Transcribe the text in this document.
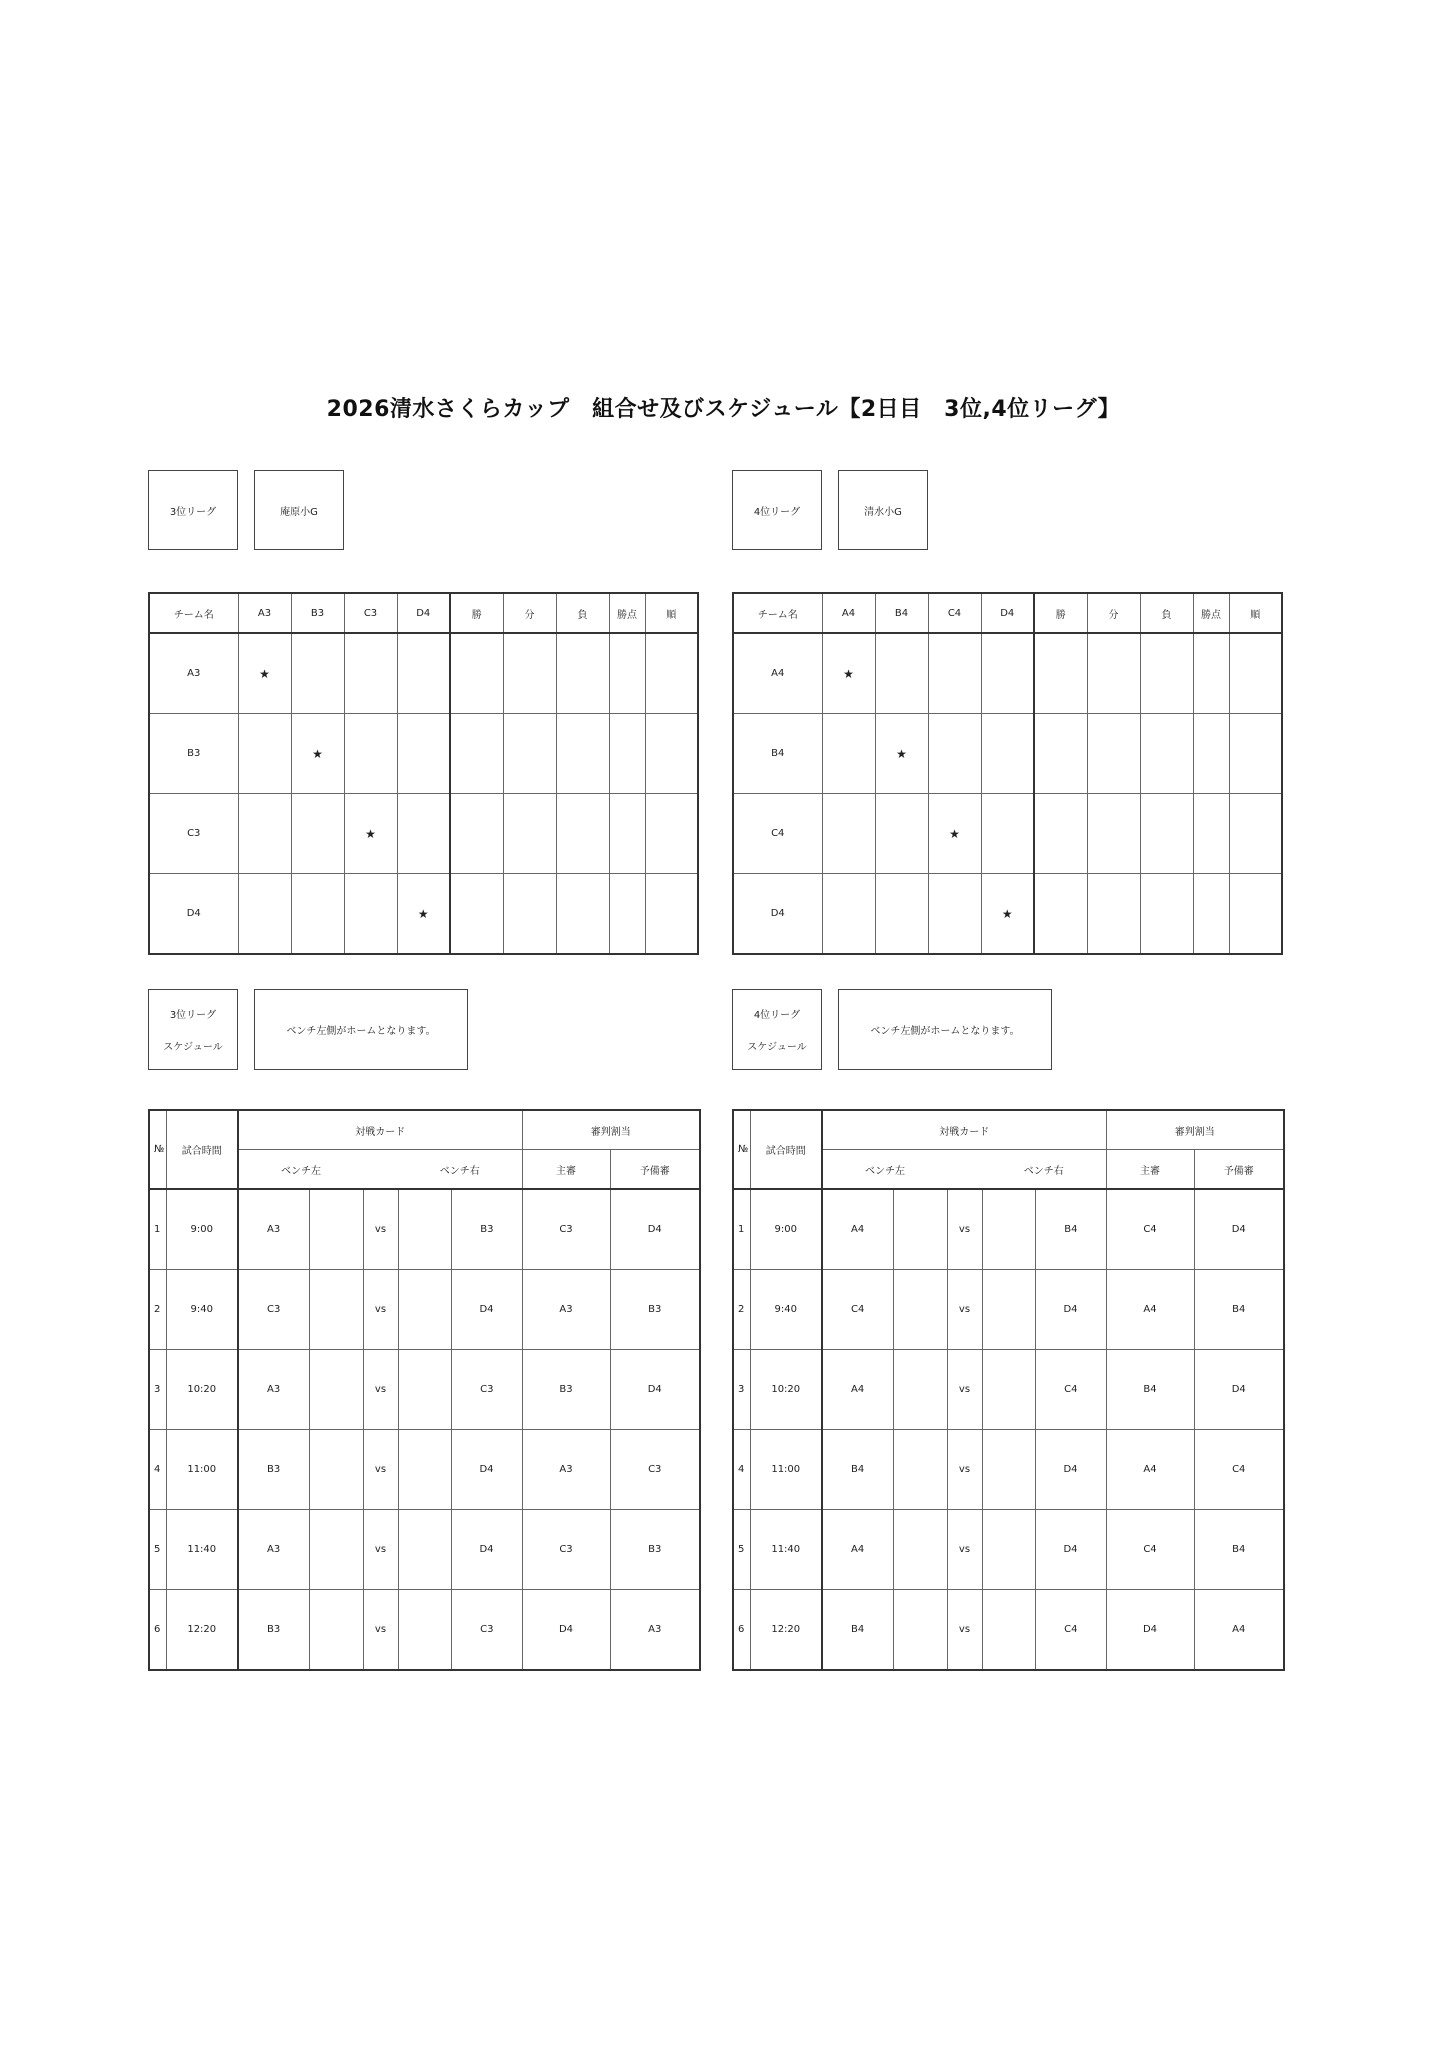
2026清水さくらカップ　組合せ及びスケジュール【2日目　3位,4位リーグ】
3位リーグ	庵原小G
チーム名	A3	B3	C3	D4	勝	分	負	勝点	順
A3	★								
B3		★							
C3			★						
D4				★					
3位リーグ
スケジュール
ベンチ左側がホームとなります。
№	試合時間	対戦カード					審判割当	
		ベンチ左			ベンチ右		主審	予備審
1	9:00	A3		vs		B3	C3	D4
2	9:40	C3		vs		D4	A3	B3
3	10:20	A3		vs		C3	B3	D4
4	11:00	B3		vs		D4	A3	C3
5	11:40	A3		vs		D4	C3	B3
6	12:20	B3		vs		C3	D4	A3
4位リーグ	清水小G
チーム名	A4	B4	C4	D4	勝	分	負	勝点	順
A4	★								
B4		★							
C4			★						
D4				★					
4位リーグ
スケジュール
ベンチ左側がホームとなります。
№	試合時間	対戦カード					審判割当	
		ベンチ左			ベンチ右		主審	予備審
1	9:00	A4		vs		B4	C4	D4
2	9:40	C4		vs		D4	A4	B4
3	10:20	A4		vs		C4	B4	D4
4	11:00	B4		vs		D4	A4	C4
5	11:40	A4		vs		D4	C4	B4
6	12:20	B4		vs		C4	D4	A4
